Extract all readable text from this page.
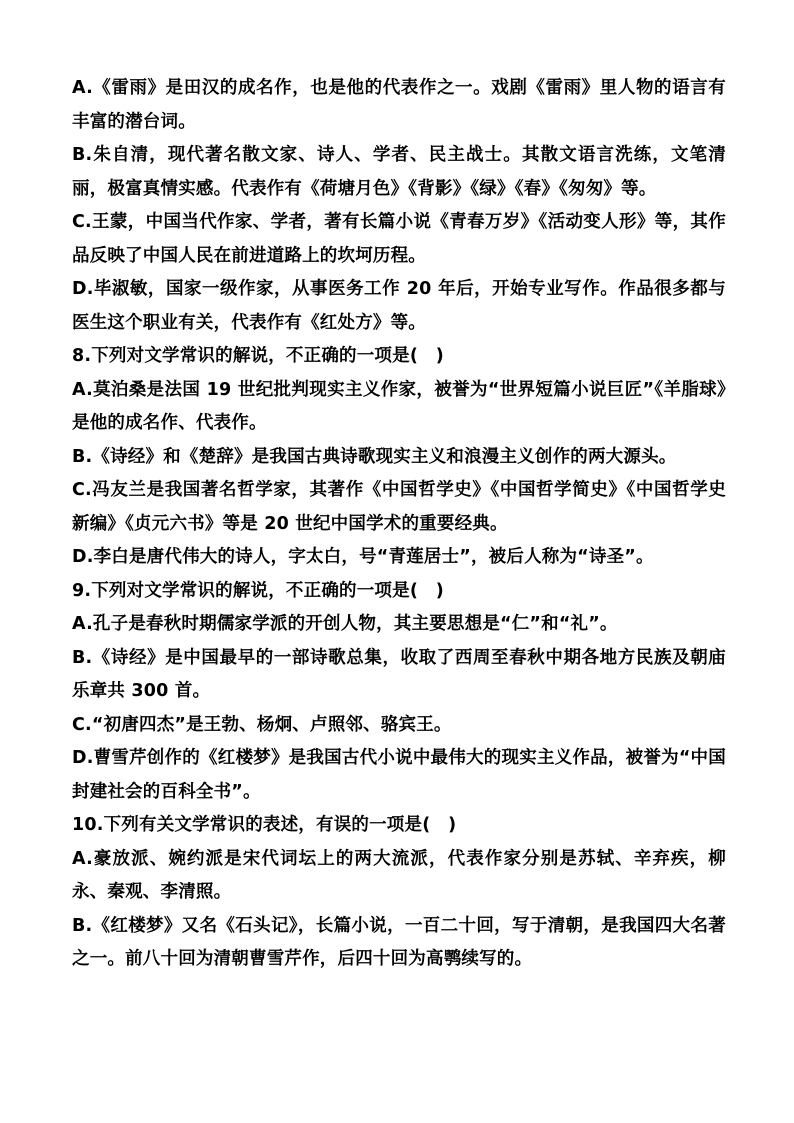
A.《雷雨》是田汉的成名作，也是他的代表作之一。戏剧《雷雨》里人物的语言有丰富的潜台词。

B.朱自清，现代著名散文家、诗人、学者、民主战士。其散文语言洗练，文笔清丽，极富真情实感。代表作有《荷塘月色》《背影》《绿》《春》《匆匆》等。

C.王蒙，中国当代作家、学者，著有长篇小说《青春万岁》《活动变人形》等，其作品反映了中国人民在前进道路上的坎坷历程。

D.毕淑敏，国家一级作家，从事医务工作 20 年后，开始专业写作。作品很多都与医生这个职业有关，代表作有《红处方》等。

8.下列对文学常识的解说，不正确的一项是(　)

A.莫泊桑是法国 19 世纪批判现实主义作家，被誉为“世界短篇小说巨匠”《羊脂球》是他的成名作、代表作。

B.《诗经》和《楚辞》是我国古典诗歌现实主义和浪漫主义创作的两大源头。

C.冯友兰是我国著名哲学家，其著作《中国哲学史》《中国哲学简史》《中国哲学史新编》《贞元六书》等是 20 世纪中国学术的重要经典。

D.李白是唐代伟大的诗人，字太白，号“青莲居士”，被后人称为“诗圣”。

9.下列对文学常识的解说，不正确的一项是(　)

A.孔子是春秋时期儒家学派的开创人物，其主要思想是“仁”和“礼”。

B.《诗经》是中国最早的一部诗歌总集，收取了西周至春秋中期各地方民族及朝庙乐章共 300 首。

C.“初唐四杰”是王勃、杨炯、卢照邻、骆宾王。

D.曹雪芹创作的《红楼梦》是我国古代小说中最伟大的现实主义作品，被誉为“中国封建社会的百科全书”。

10.下列有关文学常识的表述，有误的一项是(　)

A.豪放派、婉约派是宋代词坛上的两大流派，代表作家分别是苏轼、辛弃疾，柳永、秦观、李清照。

B.《红楼梦》又名《石头记》，长篇小说，一百二十回，写于清朝，是我国四大名著之一。前八十回为清朝曹雪芹作，后四十回为高鹗续写的。
